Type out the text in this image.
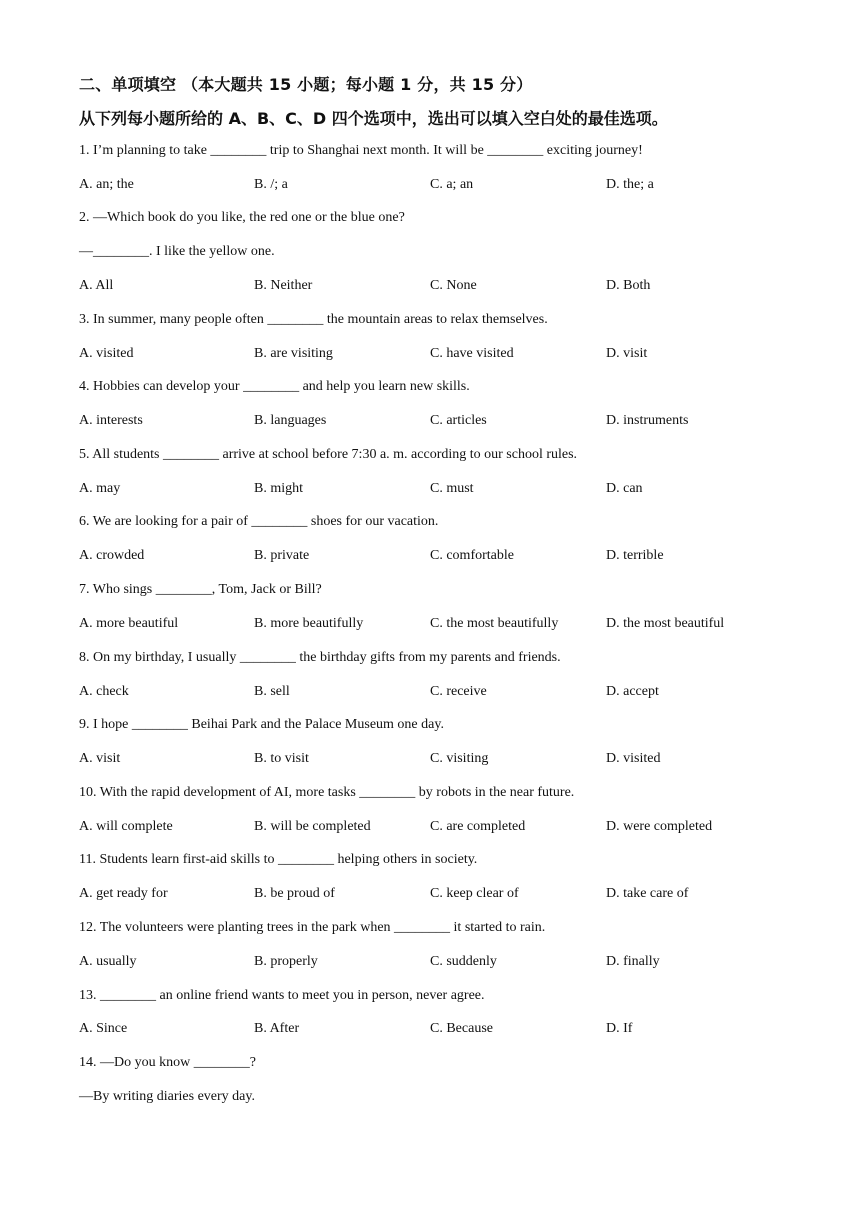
二、单项填空 （本大题共 15 小题；每小题 1 分，共 15 分）
从下列每小题所给的 A、B、C、D 四个选项中，选出可以填入空白处的最佳选项。
1. I’m planning to take ________ trip to Shanghai next month. It will be ________ exciting journey!
A. an; the	B. /; a	C. a; an	D. the; a
2. —Which book do you like, the red one or the blue one?
—________. I like the yellow one.
A. All	B. Neither	C. None	D. Both
3. In summer, many people often ________ the mountain areas to relax themselves.
A. visited	B. are visiting	C. have visited	D. visit
4. Hobbies can develop your ________ and help you learn new skills.
A. interests	B. languages	C. articles	D. instruments
5. All students ________ arrive at school before 7:30 a. m. according to our school rules.
A. may	B. might	C. must	D. can
6. We are looking for a pair of ________ shoes for our vacation.
A. crowded	B. private	C. comfortable	D. terrible
7. Who sings ________, Tom, Jack or Bill?
A. more beautiful	B. more beautifully	C. the most beautifully	D. the most beautiful
8. On my birthday, I usually ________ the birthday gifts from my parents and friends.
A. check	B. sell	C. receive	D. accept
9. I hope ________ Beihai Park and the Palace Museum one day.
A. visit	B. to visit	C. visiting	D. visited
10. With the rapid development of AI, more tasks ________ by robots in the near future.
A. will complete	B. will be completed	C. are completed	D. were completed
11. Students learn first-aid skills to ________ helping others in society.
A. get ready for	B. be proud of	C. keep clear of	D. take care of
12. The volunteers were planting trees in the park when ________ it started to rain.
A. usually	B. properly	C. suddenly	D. finally
13. ________ an online friend wants to meet you in person, never agree.
A. Since	B. After	C. Because	D. If
14. —Do you know ________?
—By writing diaries every day.
